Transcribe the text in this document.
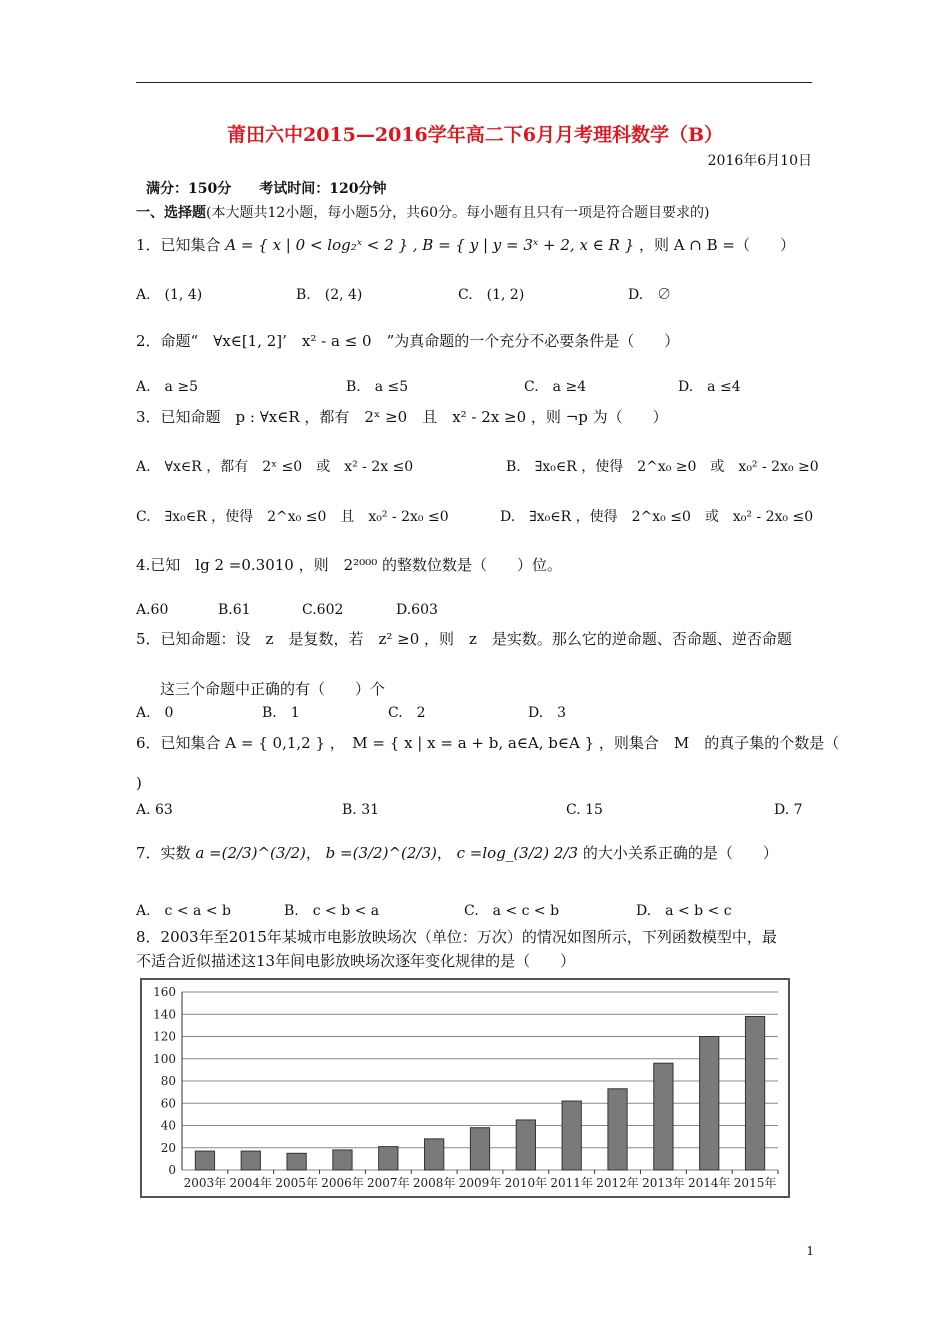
莆田六中2015—2016学年高二下6月月考理科数学（B）
2016年6月10日
满分：150分　　考试时间：120分钟
一、选择题(本大题共12小题，每小题5分，共60分。每小题有且只有一项是符合题目要求的)
1．已知集合 A = { x | 0 < log₂ˣ < 2 } , B = { y | y = 3ˣ + 2, x ∈ R } ，则 A ∩ B =（　　）
A.　(1, 4)	B.　(2, 4)	C.　(1, 2)	D.　∅
2．命题“　∀x∈[1, 2]’　x² - a ≤ 0　”为真命题的一个充分不必要条件是（　　）
A.　a ≥5	B.　a ≤5	C.　a ≥4	D.　a ≤4
3．已知命题　p : ∀x∈R ，都有　2ˣ ≥0　且　x² - 2x ≥0 ，则 ¬p 为（　　）
A.　∀x∈R ，都有　2ˣ ≤0　或　x² - 2x ≤0	B.　∃x₀∈R ，使得　2^x₀ ≥0　或　x₀² - 2x₀ ≥0
C.　∃x₀∈R ，使得　2^x₀ ≤0　且　x₀² - 2x₀ ≤0	D.　∃x₀∈R ，使得　2^x₀ ≤0　或　x₀² - 2x₀ ≤0
4.已知　lg 2 =0.3010 ，则　2²⁰⁰⁰ 的整数位数是（　　）位。
A.60	B.61	C.602	D.603
5．已知命题：设　z　是复数，若　z² ≥0 ，则　z　是实数。那么它的逆命题、否命题、逆否命题
这三个命题中正确的有（　　）个
A.　0	B.　1	C.　2	D.　3
6．已知集合 A = { 0,1,2 } ，　M = { x | x = a + b, a∈A, b∈A } ，则集合　M　的真子集的个数是（
)
A. 63	B. 31	C. 15	D. 7
7．实数 a =(2/3)^(3/2)， b =(3/2)^(2/3)， c =log_(3/2) 2/3 的大小关系正确的是（　　）
A.　c < a < b	B.　c < b < a	C.　a < c < b	D.　a < b < c
8．2003年至2015年某城市电影放映场次（单位：万次）的情况如图所示，下列函数模型中，最
不适合近似描述这13年间电影放映场次逐年变化规律的是（　　）
0
20
40
60
80
100
120
140
160
2003年 2004年 2005年 2006年 2007年 2008年 2009年 2010年 2011年 2012年 2013年 2014年 2015年
1
